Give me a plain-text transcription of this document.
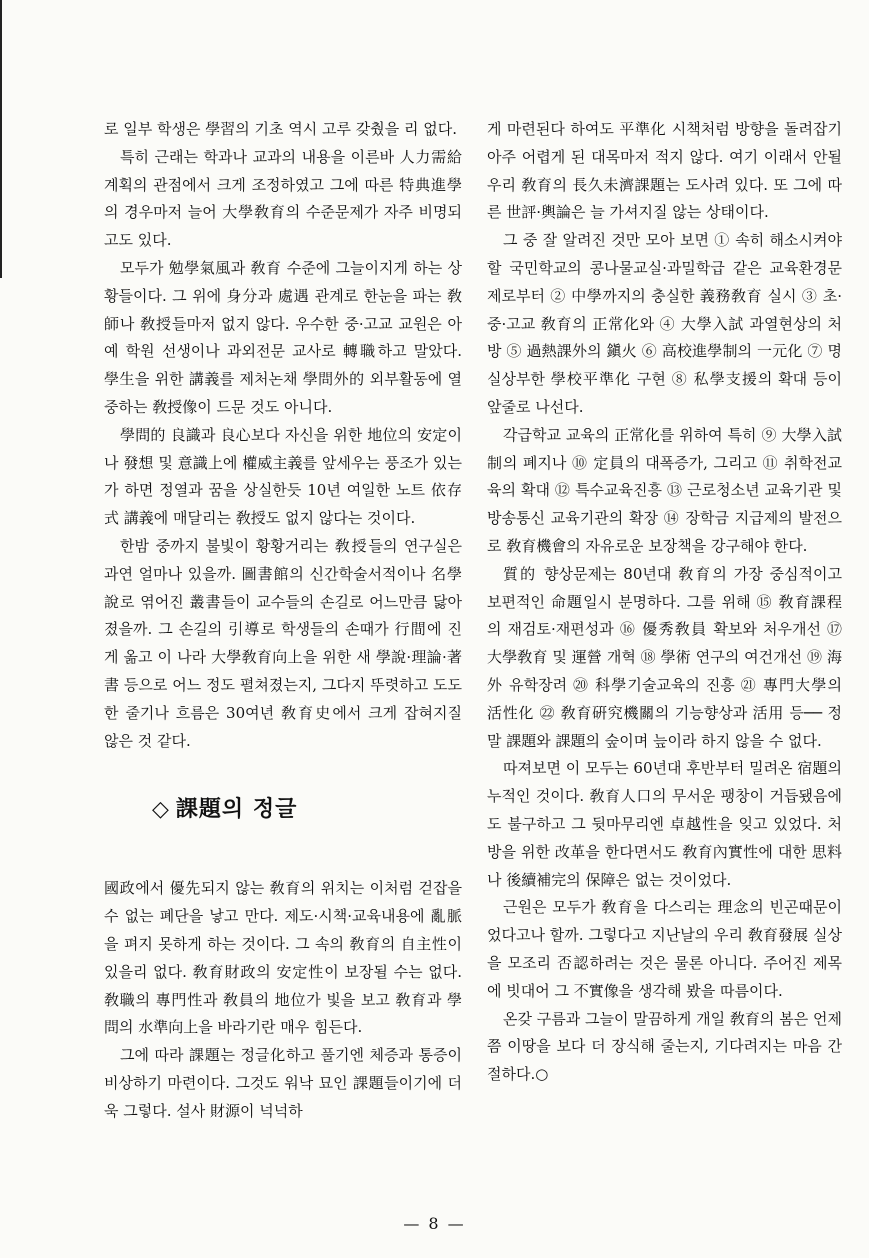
로 일부 학생은 學習의 기초 역시 고루 갖췄을 리 없다.

특히 근래는 학과나 교과의 내용을 이른바 人力需給 계획의 관점에서 크게 조정하였고 그에 따른 特典進學의 경우마저 늘어 大學敎育의 수준문제가 자주 비명되고도 있다.

모두가 勉學氣風과 敎育 수준에 그늘이지게 하는 상황들이다. 그 위에 身分과 處遇 관계로 한눈을 파는 敎師나 敎授들마저 없지 않다. 우수한 중·고교 교원은 아예 학원 선생이나 과외전문 교사로 轉職하고 말았다. 學生을 위한 講義를 제처논채 學問外的 외부활동에 열중하는 敎授像이 드문 것도 아니다.

學問的 良識과 良心보다 자신을 위한 地位의 安定이나 發想 및 意識上에 權威主義를 앞세우는 풍조가 있는가 하면 정열과 꿈을 상실한듯 10년 여일한 노트 依存式 講義에 매달리는 敎授도 없지 않다는 것이다.

한밤 중까지 불빛이 황황거리는 敎授들의 연구실은 과연 얼마나 있을까. 圖書館의 신간학술서적이나 名學說로 엮어진 叢書들이 교수들의 손길로 어느만큼 닳아졌을까. 그 손길의 引導로 학생들의 손때가 行間에 진게 옮고 이 나라 大學敎育向上을 위한 새 學說·理論·著書 등으로 어느 정도 펼쳐졌는지, 그다지 뚜렷하고 도도한 줄기나 흐름은 30여년 敎育史에서 크게 잡혀지질 않은 것 같다.

◇ 課題의 정글

國政에서 優先되지 않는 敎育의 위치는 이처럼 걷잡을 수 없는 폐단을 낳고 만다. 제도·시책·교육내용에 亂脈을 펴지 못하게 하는 것이다. 그 속의 敎育의 自主性이 있을리 없다. 敎育財政의 安定性이 보장될 수는 없다. 敎職의 專門性과 敎員의 地位가 빛을 보고 敎育과 學問의 水準向上을 바라기란 매우 힘든다.

그에 따라 課題는 정글化하고 풀기엔 체증과 통증이 비상하기 마련이다. 그것도 워낙 묘인 課題들이기에 더욱 그렇다. 설사 財源이 넉넉하

게 마련된다 하여도 平準化 시책처럼 방향을 돌려잡기 아주 어렵게 된 대목마저 적지 않다. 여기 이래서 안될 우리 敎育의 長久未濟課題는 도사려 있다. 또 그에 따른 世評·輿論은 늘 가셔지질 않는 상태이다.

그 중 잘 알려진 것만 모아 보면 ① 속히 해소시켜야 할 국민학교의 콩나물교실·과밀학급 같은 교육환경문제로부터 ② 中學까지의 충실한 義務敎育 실시 ③ 초·중·고교 敎育의 正常化와 ④ 大學入試 과열현상의 처방 ⑤ 過熱課外의 鎭火 ⑥ 高校進學制의 一元化 ⑦ 명실상부한 學校平準化 구현 ⑧ 私學支援의 확대 등이 앞줄로 나선다.

각급학교 교육의 正常化를 위하여 특히 ⑨ 大學入試制의 폐지나 ⑩ 定員의 대폭증가, 그리고 ⑪ 취학전교육의 확대 ⑫ 특수교육진흥 ⑬ 근로청소년 교육기관 및 방송통신 교육기관의 확장 ⑭ 장학금 지급제의 발전으로 敎育機會의 자유로운 보장책을 강구해야 한다.

質的 향상문제는 80년대 敎育의 가장 중심적이고 보편적인 命題일시 분명하다. 그를 위해 ⑮ 敎育課程의 재검토·재편성과 ⑯ 優秀敎員 확보와 처우개선 ⑰ 大學敎育 및 運營 개혁 ⑱ 學術 연구의 여건개선 ⑲ 海外 유학장려 ⑳ 科學기술교육의 진흥 ㉑ 專門大學의 活性化 ㉒ 敎育硏究機關의 기능향상과 活用 등── 정말 課題와 課題의 숲이며 늪이라 하지 않을 수 없다.

따져보면 이 모두는 60년대 후반부터 밀려온 宿題의 누적인 것이다. 敎育人口의 무서운 팽창이 거듭됐음에도 불구하고 그 뒷마무리엔 卓越性을 잊고 있었다. 처방을 위한 改革을 한다면서도 敎育內實性에 대한 思料나 後續補完의 保障은 없는 것이었다.

근원은 모두가 敎育을 다스리는 理念의 빈곤때문이었다고나 할까. 그렇다고 지난날의 우리 敎育發展 실상을 모조리 否認하려는 것은 물론 아니다. 주어진 제목에 빗대어 그 不實像을 생각해 봤을 따름이다.

온갖 구름과 그늘이 말끔하게 개일 敎育의 봄은 언제쯤 이땅을 보다 더 장식해 줄는지, 기다려지는 마음 간절하다.○

— 8 —
